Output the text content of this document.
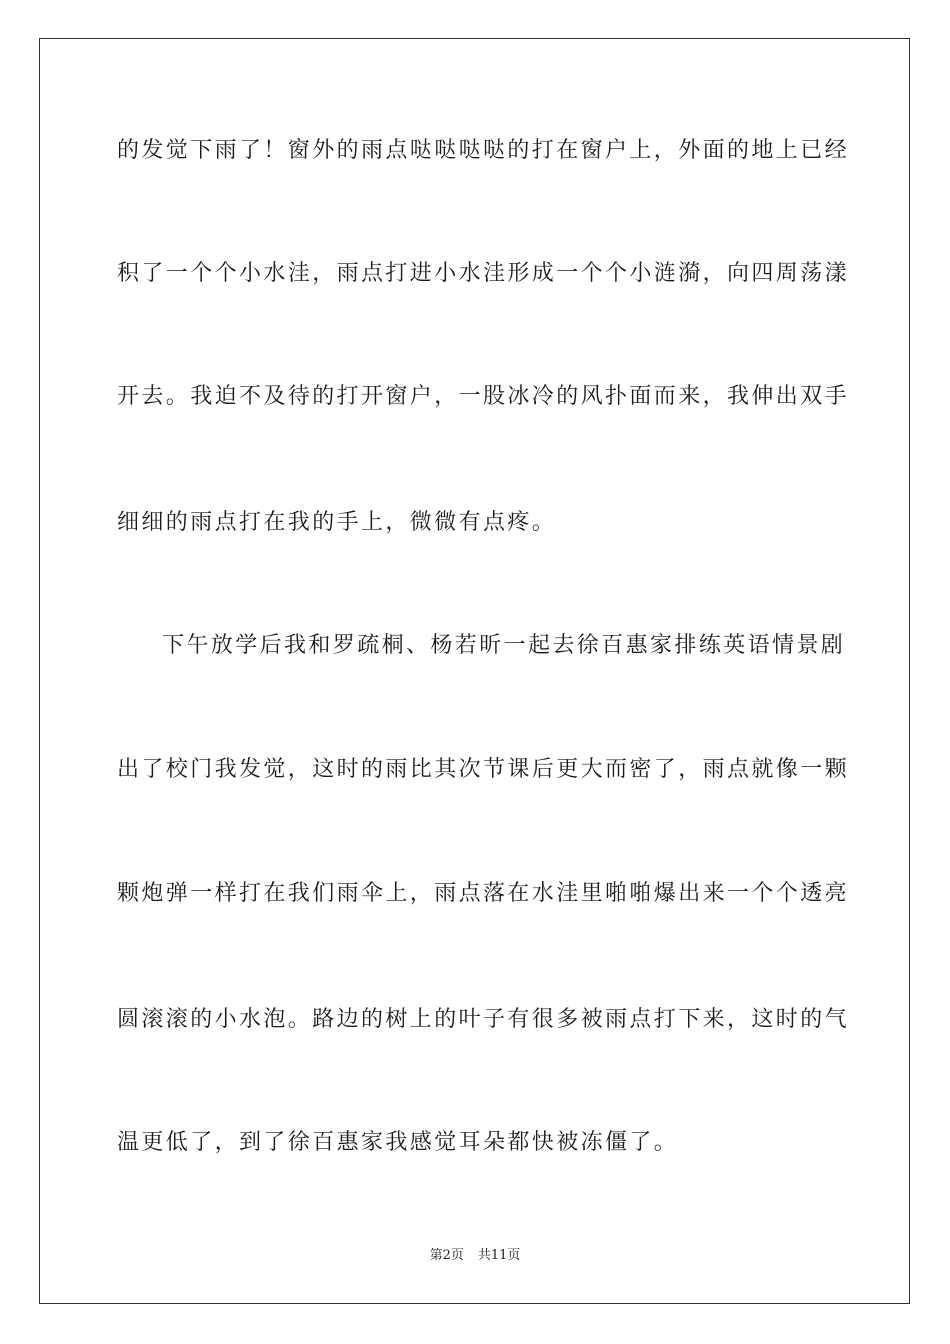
的发觉下雨了！窗外的雨点哒哒哒哒的打在窗户上，外面的地上已经
积了一个个小水洼，雨点打进小水洼形成一个个小涟漪，向四周荡漾
开去。我迫不及待的打开窗户，一股冰冷的风扑面而来，我伸出双手
细细的雨点打在我的手上，微微有点疼。
下午放学后我和罗疏桐、杨若昕一起去徐百惠家排练英语情景剧
出了校门我发觉，这时的雨比其次节课后更大而密了，雨点就像一颗
颗炮弹一样打在我们雨伞上，雨点落在水洼里啪啪爆出来一个个透亮
圆滚滚的小水泡。路边的树上的叶子有很多被雨点打下来，这时的气
温更低了，到了徐百惠家我感觉耳朵都快被冻僵了。
第2页 共11页
